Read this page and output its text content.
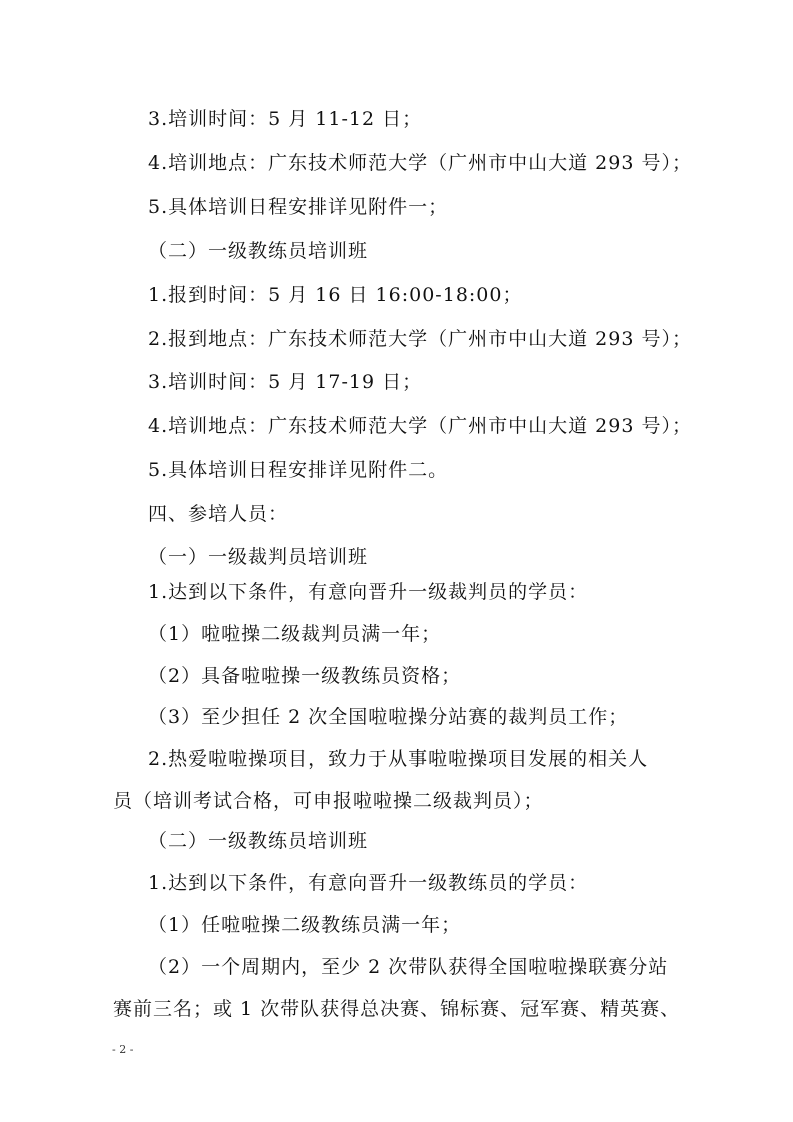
3.培训时间：5 月 11-12 日；
4.培训地点：广东技术师范大学（广州市中山大道 293 号）；
5.具体培训日程安排详见附件一；
（二）一级教练员培训班
1.报到时间：5 月 16 日 16:00-18:00；
2.报到地点：广东技术师范大学（广州市中山大道 293 号）；
3.培训时间：5 月 17-19 日；
4.培训地点：广东技术师范大学（广州市中山大道 293 号）；
5.具体培训日程安排详见附件二。
四、参培人员：
（一）一级裁判员培训班
1.达到以下条件，有意向晋升一级裁判员的学员：
（1）啦啦操二级裁判员满一年；
（2）具备啦啦操一级教练员资格；
（3）至少担任 2 次全国啦啦操分站赛的裁判员工作；
2.热爱啦啦操项目，致力于从事啦啦操项目发展的相关人
员（培训考试合格，可申报啦啦操二级裁判员）；
（二）一级教练员培训班
1.达到以下条件，有意向晋升一级教练员的学员：
（1）任啦啦操二级教练员满一年；
（2）一个周期内，至少 2 次带队获得全国啦啦操联赛分站
赛前三名；或 1 次带队获得总决赛、锦标赛、冠军赛、精英赛、
- 2 -
